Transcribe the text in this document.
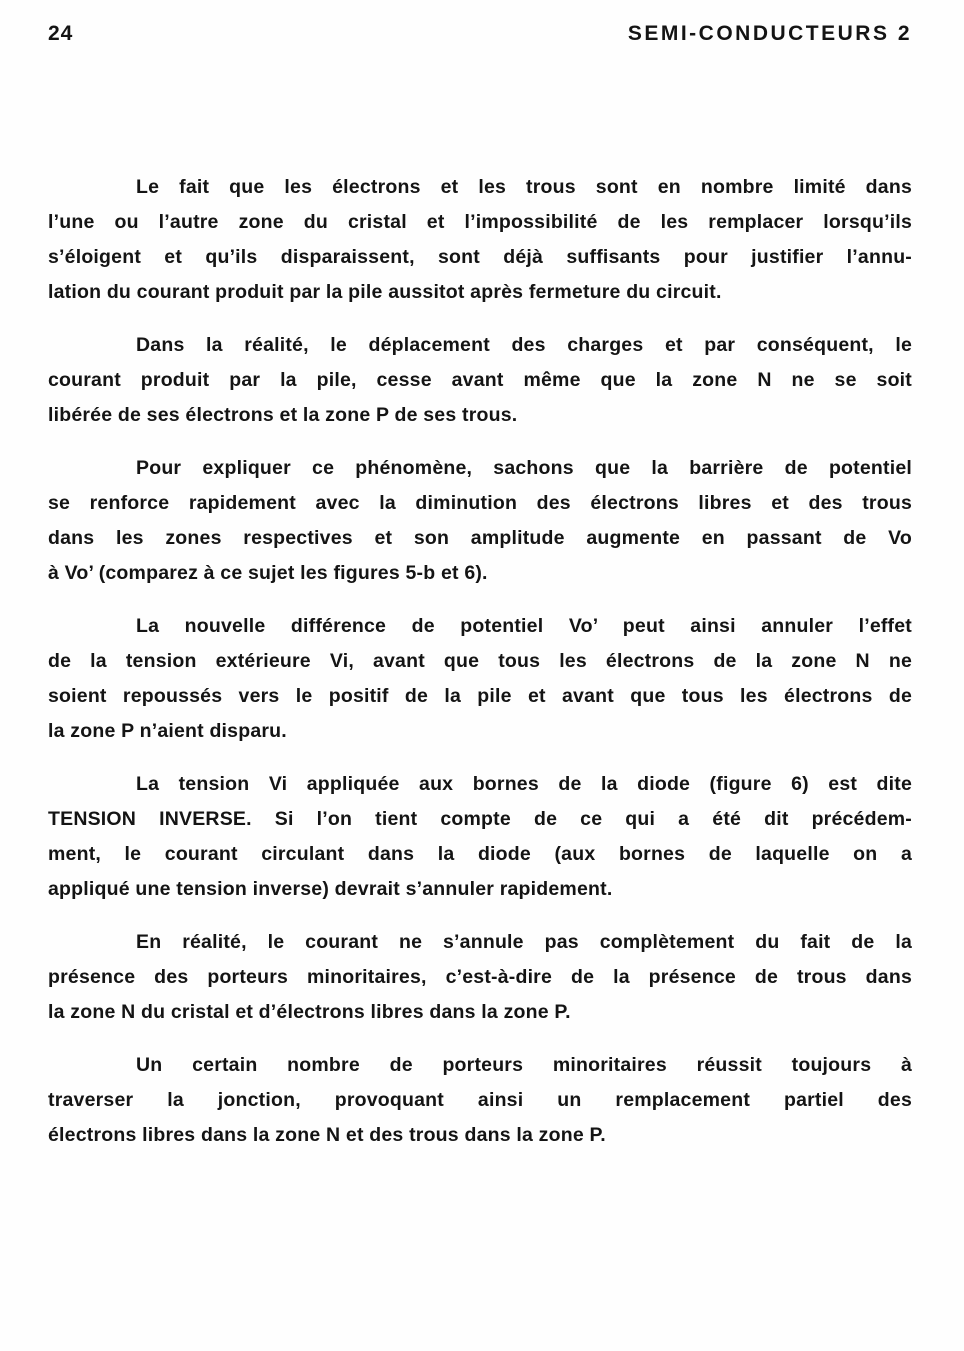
24	SEMI-CONDUCTEURS 2
Le fait que les électrons et les trous sont en nombre limité dans
l’une ou l’autre zone du cristal et l’impossibilité de les remplacer lorsqu’ils
s’éloigent et qu’ils disparaissent, sont déjà suffisants pour justifier l’annu-
lation du courant produit par la pile aussitot après fermeture du circuit.
Dans la réalité, le déplacement des charges et par conséquent, le
courant produit par la pile, cesse avant même que la zone N ne se soit
libérée de ses électrons et la zone P de ses trous.
Pour expliquer ce phénomène, sachons que la barrière de potentiel
se renforce rapidement avec la diminution des électrons libres et des trous
dans les zones respectives et son amplitude augmente en passant de Vo
à Vo’ (comparez à ce sujet les figures 5-b et 6).
La nouvelle différence de potentiel Vo’ peut ainsi annuler l’effet
de la tension extérieure Vi, avant que tous les électrons de la zone N ne
soient repoussés vers le positif de la pile et avant que tous les électrons de
la zone P n’aient disparu.
La tension Vi appliquée aux bornes de la diode (figure 6) est dite
TENSION INVERSE. Si l’on tient compte de ce qui a été dit précédem-
ment, le courant circulant dans la diode (aux bornes de laquelle on a
appliqué une tension inverse) devrait s’annuler rapidement.
En réalité, le courant ne s’annule pas complètement du fait de la
présence des porteurs minoritaires, c’est-à-dire de la présence de trous dans
la zone N du cristal et d’électrons libres dans la zone P.
Un certain nombre de porteurs minoritaires réussit toujours à
traverser la jonction, provoquant ainsi un remplacement partiel des
électrons libres dans la zone N et des trous dans la zone P.
